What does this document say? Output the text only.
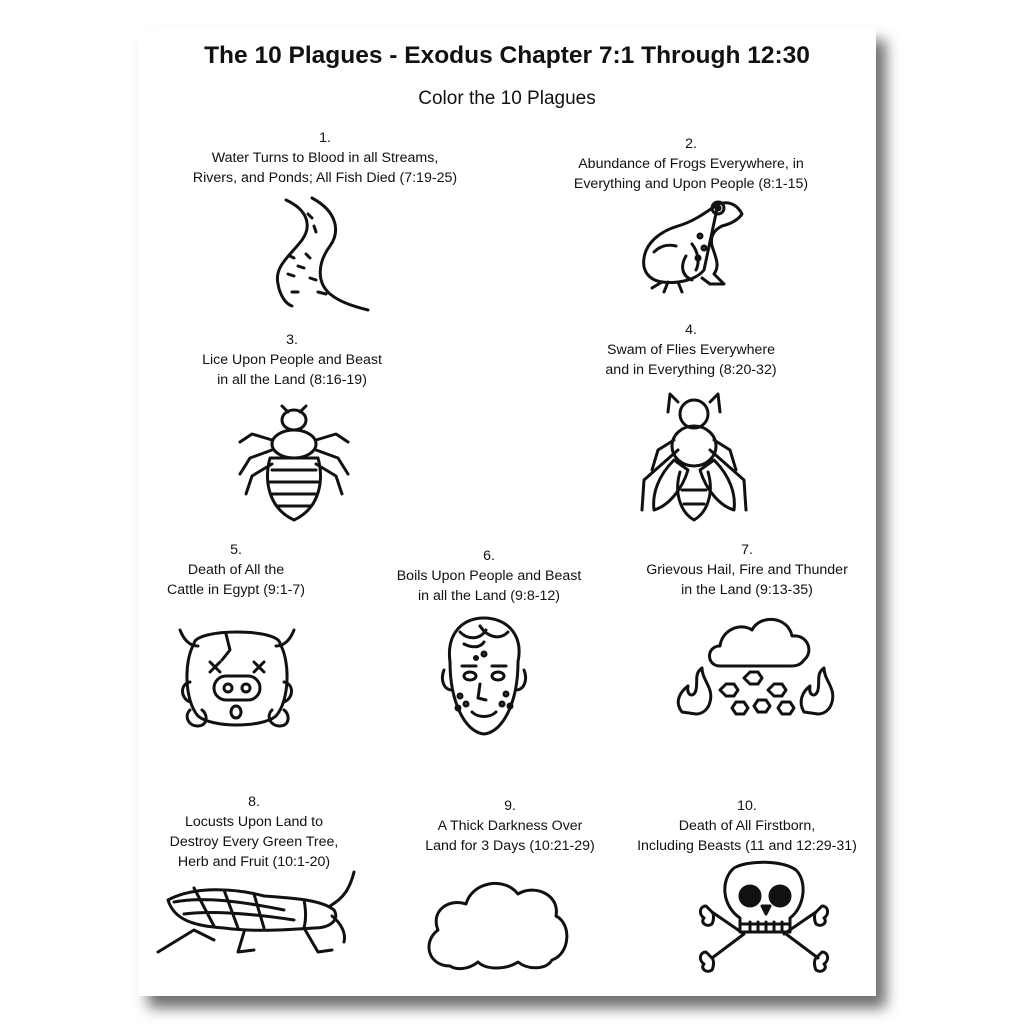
The 10 Plagues - Exodus Chapter 7:1 Through 12:30
Color the 10 Plagues
1.
Water Turns to Blood in all Streams,
Rivers, and Ponds; All Fish Died (7:19-25)
2.
Abundance of Frogs Everywhere, in
Everything and Upon People (8:1-15)
3.
Lice Upon People and Beast
in all the Land (8:16-19)
4.
Swam of Flies Everywhere
and in Everything (8:20-32)
5.
Death of All the
Cattle in Egypt (9:1-7)
6.
Boils Upon People and Beast
in all the Land (9:8-12)
7.
Grievous Hail, Fire and Thunder
in the Land (9:13-35)
8.
Locusts Upon Land to
Destroy Every Green Tree,
Herb and Fruit (10:1-20)
9.
A Thick Darkness Over
Land for 3 Days (10:21-29)
10.
Death of All Firstborn,
Including Beasts (11 and 12:29-31)
